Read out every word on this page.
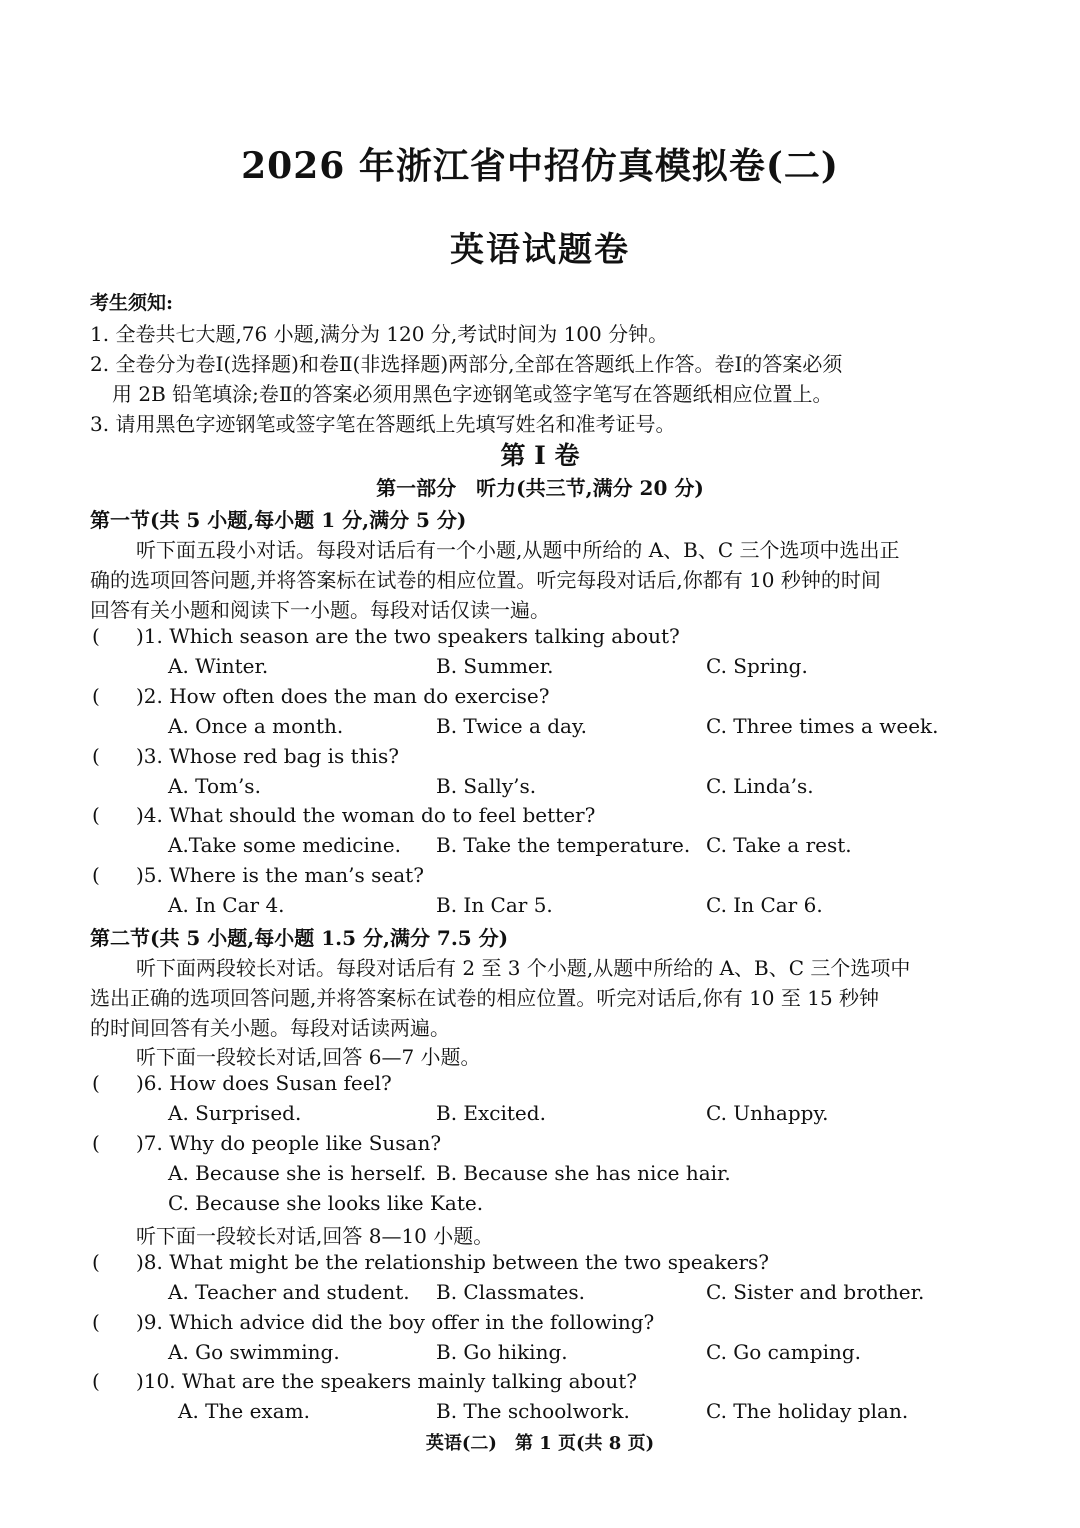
2026 年浙江省中招仿真模拟卷(二)
英语试题卷
考生须知:
1. 全卷共七大题,76 小题,满分为 120 分,考试时间为 100 分钟。
2. 全卷分为卷Ⅰ(选择题)和卷Ⅱ(非选择题)两部分,全部在答题纸上作答。卷Ⅰ的答案必须
用 2B 铅笔填涂;卷Ⅱ的答案必须用黑色字迹钢笔或签字笔写在答题纸相应位置上。
3. 请用黑色字迹钢笔或签字笔在答题纸上先填写姓名和准考证号。
第 I 卷
第一部分　听力(共三节,满分 20 分)
第一节(共 5 小题,每小题 1 分,满分 5 分)
听下面五段小对话。每段对话后有一个小题,从题中所给的 A、B、C 三个选项中选出正
确的选项回答问题,并将答案标在试卷的相应位置。听完每段对话后,你都有 10 秒钟的时间
回答有关小题和阅读下一小题。每段对话仅读一遍。
( )1. Which season are the two speakers talking about?
A. Winter.	B. Summer.	C. Spring.
( )2. How often does the man do exercise?
A. Once a month.	B. Twice a day.	C. Three times a week.
( )3. Whose red bag is this?
A. Tom’s.	B. Sally’s.	C. Linda’s.
( )4. What should the woman do to feel better?
A.Take some medicine. B. Take the temperature. C. Take a rest.
( )5. Where is the man’s seat?
A. In Car 4.	B. In Car 5.	C. In Car 6.
第二节(共 5 小题,每小题 1.5 分,满分 7.5 分)
听下面两段较长对话。每段对话后有 2 至 3 个小题,从题中所给的 A、B、C 三个选项中
选出正确的选项回答问题,并将答案标在试卷的相应位置。听完对话后,你有 10 至 15 秒钟
的时间回答有关小题。每段对话读两遍。
听下面一段较长对话,回答 6—7 小题。
( )6. How does Susan feel?
A. Surprised.	B. Excited.	C. Unhappy.
( )7. Why do people like Susan?
A. Because she is herself. B. Because she has nice hair.
C. Because she looks like Kate.
听下面一段较长对话,回答 8—10 小题。
( )8. What might be the relationship between the two speakers?
A. Teacher and student. B. Classmates.	C. Sister and brother.
( )9. Which advice did the boy offer in the following?
A. Go swimming.	B. Go hiking.	C. Go camping.
( )10. What are the speakers mainly talking about?
A. The exam.	B. The schoolwork.	C. The holiday plan.
英语(二)　第 1 页(共 8 页)
